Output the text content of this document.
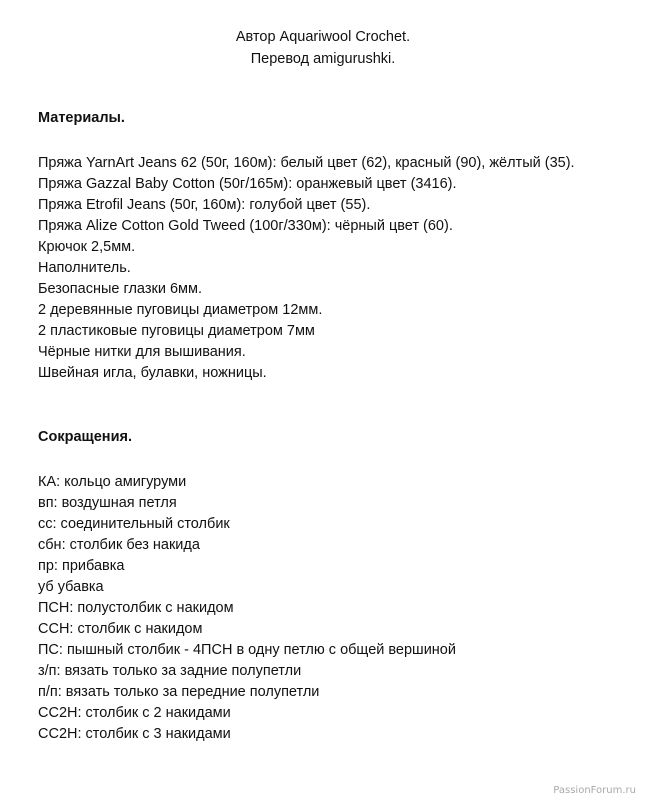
Автор Aquariwool Crochet.
Перевод amigurushki.
Материалы.
Пряжа YarnArt Jeans 62 (50г, 160м): белый цвет (62), красный (90), жёлтый (35).
Пряжа Gazzal Baby Cotton (50г/165м): оранжевый цвет (3416).
Пряжа Etrofil Jeans (50г, 160м): голубой цвет (55).
Пряжа Alize Cotton Gold Tweed (100г/330м): чёрный цвет (60).
Крючок 2,5мм.
Наполнитель.
Безопасные глазки 6мм.
2 деревянные пуговицы диаметром 12мм.
2 пластиковые пуговицы диаметром 7мм
Чёрные нитки для вышивания.
Швейная игла, булавки, ножницы.
Сокращения.
КА: кольцо амигуруми
вп: воздушная петля
сс: соединительный столбик
сбн: столбик без накида
пр: прибавка
уб убавка
ПСН: полустолбик с накидом
ССН: столбик с накидом
ПС: пышный столбик - 4ПСН в одну петлю с общей вершиной
з/п: вязать только за задние полупетли
п/п: вязать только за передние полупетли
СС2Н: столбик с 2 накидами
СС2Н: столбик с 3 накидами
PassionForum.ru
